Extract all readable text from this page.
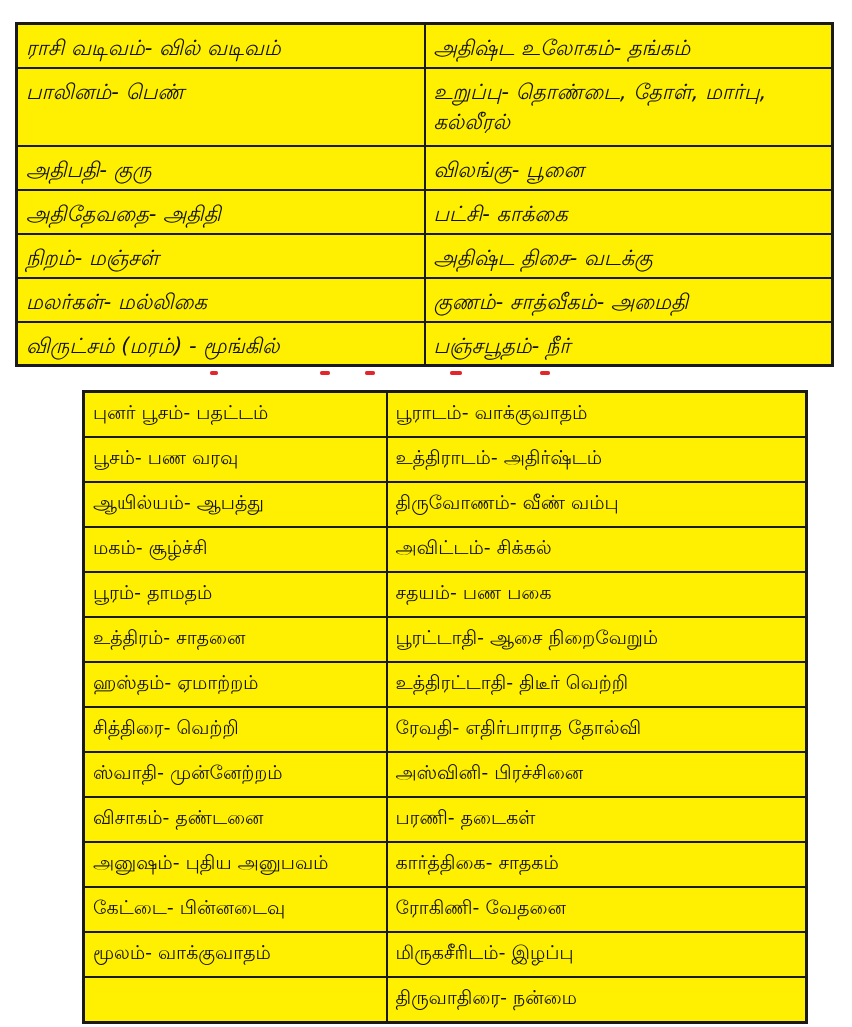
ராசி வடிவம்- வில் வடிவம்	அதிஷ்ட உலோகம்- தங்கம்
பாலினம்- பெண்	உறுப்பு- தொண்டை, தோள், மார்பு, கல்லீரல்
அதிபதி- குரு	விலங்கு- பூனை
அதிதேவதை- அதிதி	பட்சி- காக்கை
நிறம்- மஞ்சள்	அதிஷ்ட திசை- வடக்கு
மலர்கள்- மல்லிகை	குணம்- சாத்வீகம்- அமைதி
விருட்சம் (மரம்) - மூங்கில்	பஞ்சபூதம்- நீர்
புனர் பூசம்- பதட்டம்	பூராடம்- வாக்குவாதம்
பூசம்- பண வரவு	உத்திராடம்- அதிர்ஷ்டம்
ஆயில்யம்- ஆபத்து	திருவோணம்- வீண் வம்பு
மகம்- சூழ்ச்சி	அவிட்டம்- சிக்கல்
பூரம்- தாமதம்	சதயம்- பண பகை
உத்திரம்- சாதனை	பூரட்டாதி- ஆசை நிறைவேறும்
ஹஸ்தம்- ஏமாற்றம்	உத்திரட்டாதி- திடீர் வெற்றி
சித்திரை- வெற்றி	ரேவதி- எதிர்பாராத தோல்வி
ஸ்வாதி- முன்னேற்றம்	அஸ்வினி- பிரச்சினை
விசாகம்- தண்டனை	பரணி- தடைகள்
அனுஷம்- புதிய அனுபவம்	கார்த்திகை- சாதகம்
கேட்டை- பின்னடைவு	ரோகிணி- வேதனை
மூலம்- வாக்குவாதம்	மிருகசீரிடம்- இழப்பு
	திருவாதிரை- நன்மை
